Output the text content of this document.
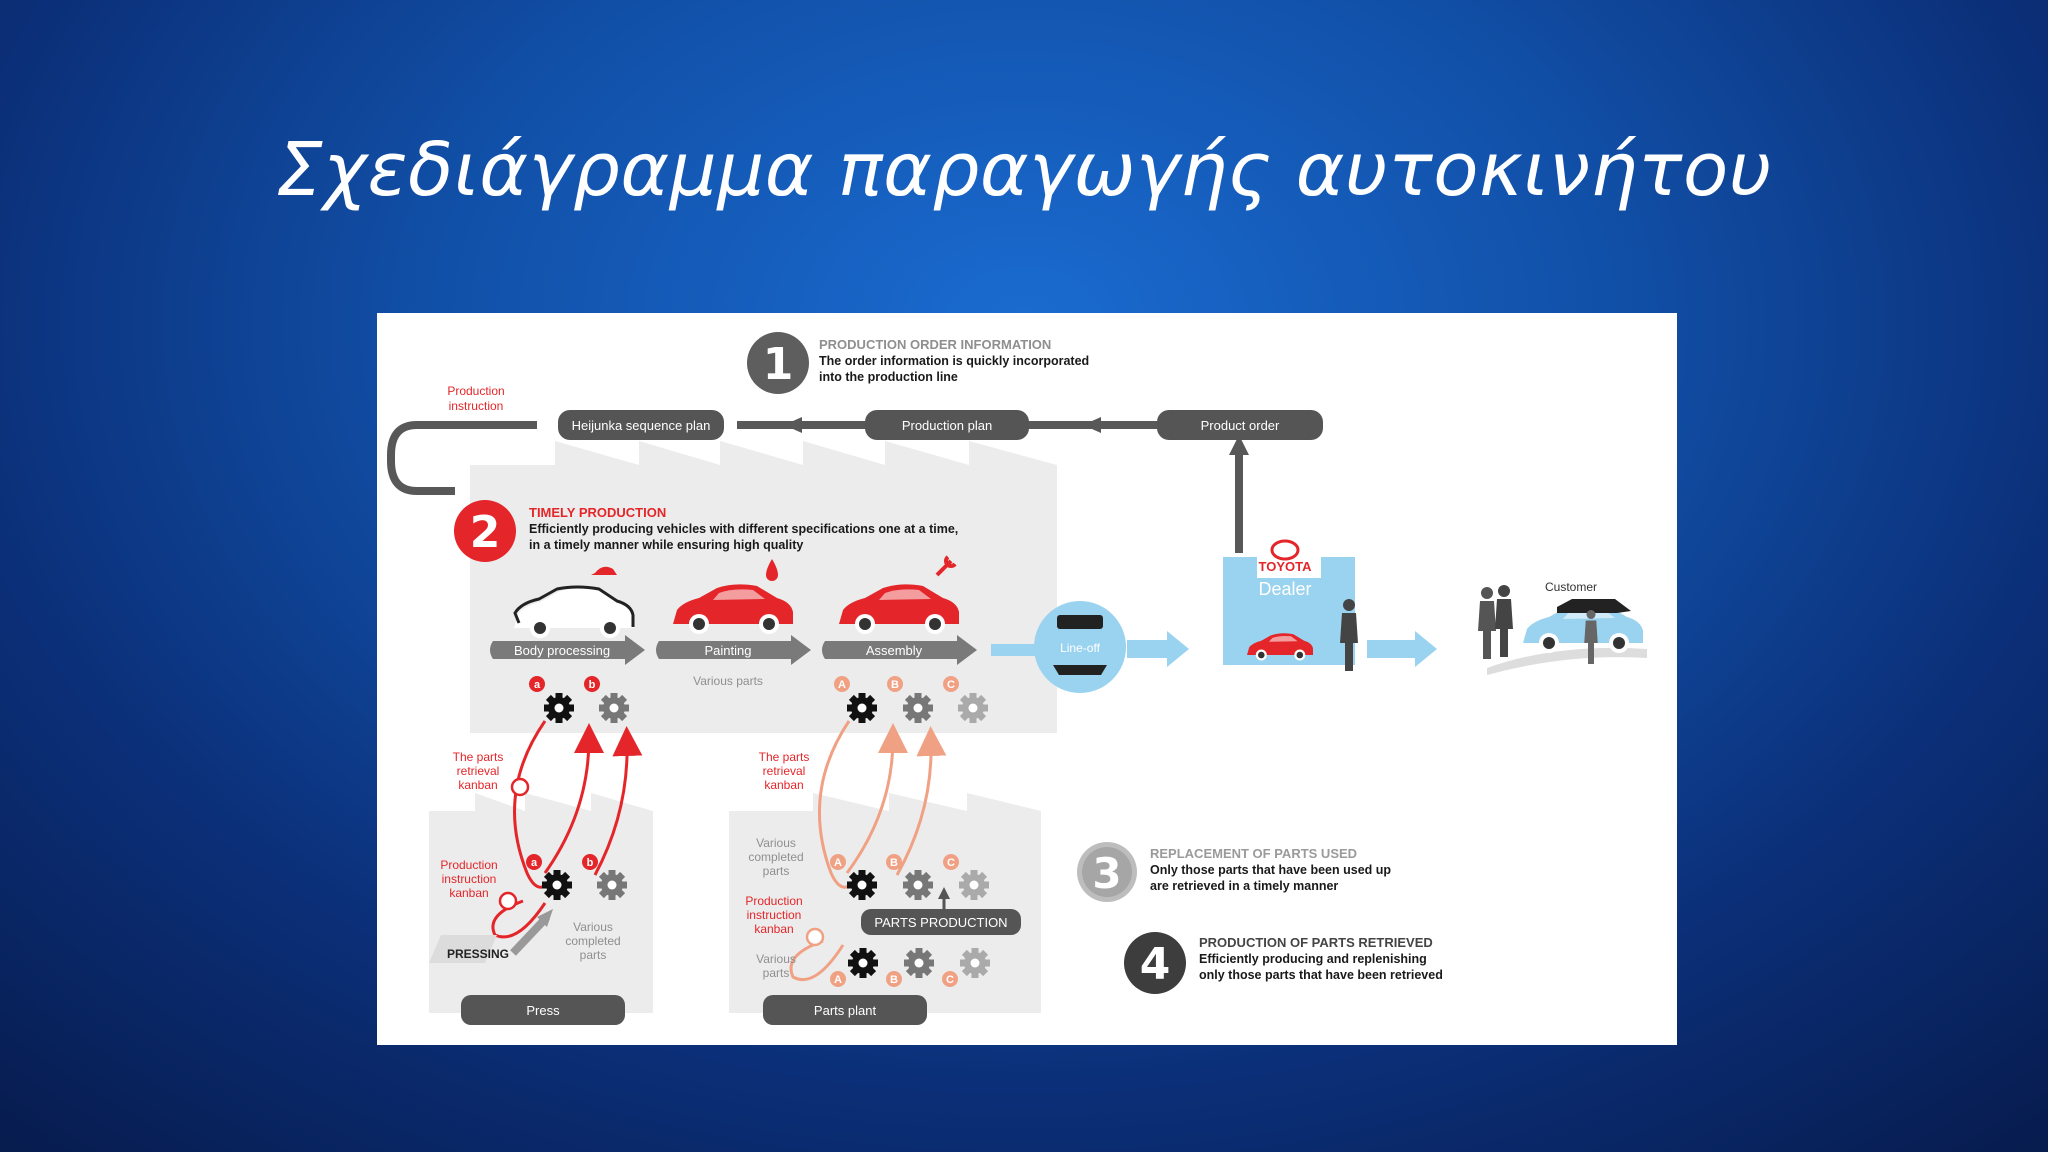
Σχεδιάγραμμα παραγωγής αυτοκινήτου
Heijunka sequence plan	Production plan	Product order
Production
instruction
1 PRODUCTION ORDER INFORMATION
The order information is quickly incorporated
into the production line
2 TIMELY PRODUCTION
Efficiently producing vehicles with different specifications one at a time,
in a timely manner while ensuring high quality
Body processing	Painting	Assembly
Various parts
Line-off
TOYOTA
Dealer	Customer
a	b	A	B	C
The parts
retrieval
kanban
Production
instruction
kanban
a	b
Various
completed
parts
PRESSING
Press
The parts
retrieval
kanban
Various
completed
parts
Production
instruction
kanban
Various
parts
A	B	C
PARTS PRODUCTION
A	B	C
Parts plant
3 REPLACEMENT OF PARTS USED
Only those parts that have been used up
are retrieved in a timely manner
4 PRODUCTION OF PARTS RETRIEVED
Efficiently producing and replenishing
only those parts that have been retrieved
